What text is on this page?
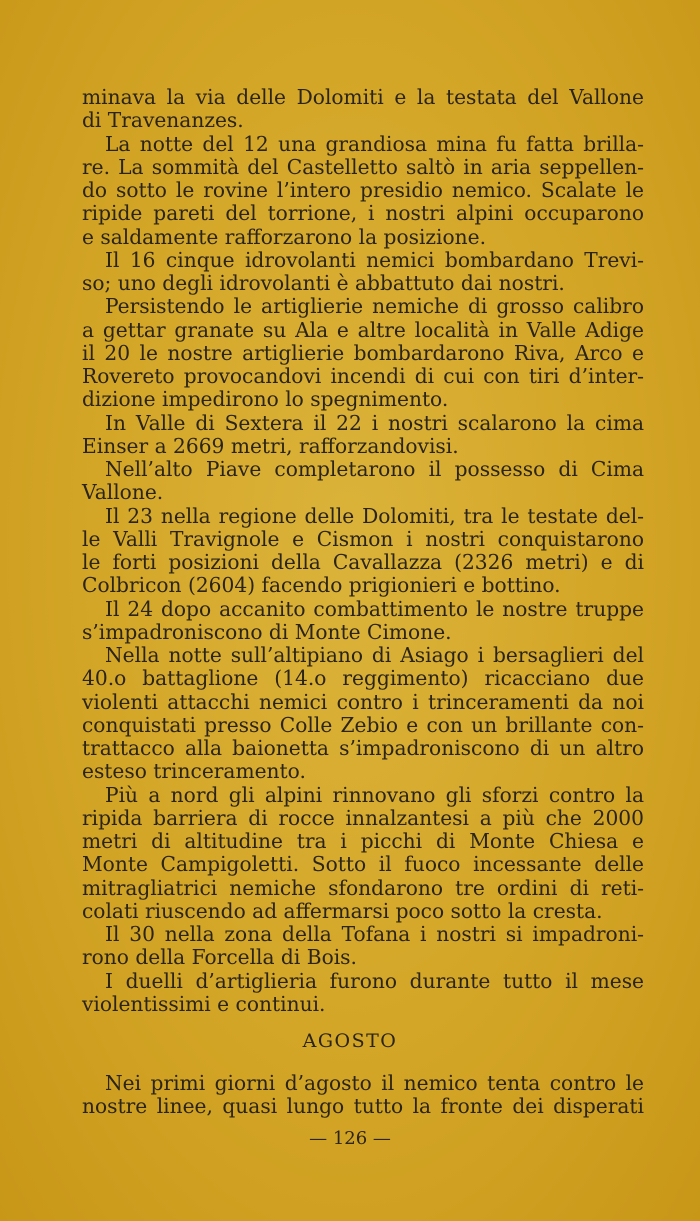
minava la via delle Dolomiti e la testata del Vallone
di Travenanzes.
La notte del 12 una grandiosa mina fu fatta brilla-
re. La sommità del Castelletto saltò in aria seppellen-
do sotto le rovine l’intero presidio nemico. Scalate le
ripide pareti del torrione, i nostri alpini occuparono
e saldamente rafforzarono la posizione.
Il 16 cinque idrovolanti nemici bombardano Trevi-
so; uno degli idrovolanti è abbattuto dai nostri.
Persistendo le artiglierie nemiche di grosso calibro
a gettar granate su Ala e altre località in Valle Adige
il 20 le nostre artiglierie bombardarono Riva, Arco e
Rovereto provocandovi incendi di cui con tiri d’inter-
dizione impedirono lo spegnimento.
In Valle di Sextera il 22 i nostri scalarono la cima
Einser a 2669 metri, rafforzandovisi.
Nell’alto Piave completarono il possesso di Cima
Vallone.
Il 23 nella regione delle Dolomiti, tra le testate del-
le Valli Travignole e Cismon i nostri conquistarono
le forti posizioni della Cavallazza (2326 metri) e di
Colbricon (2604) facendo prigionieri e bottino.
Il 24 dopo accanito combattimento le nostre truppe
s’impadroniscono di Monte Cimone.
Nella notte sull’altipiano di Asiago i bersaglieri del
40.o battaglione (14.o reggimento) ricacciano due
violenti attacchi nemici contro i trinceramenti da noi
conquistati presso Colle Zebio e con un brillante con-
trattacco alla baionetta s’impadroniscono di un altro
esteso trinceramento.
Più a nord gli alpini rinnovano gli sforzi contro la
ripida barriera di rocce innalzantesi a più che 2000
metri di altitudine tra i picchi di Monte Chiesa e
Monte Campigoletti. Sotto il fuoco incessante delle
mitragliatrici nemiche sfondarono tre ordini di reti-
colati riuscendo ad affermarsi poco sotto la cresta.
Il 30 nella zona della Tofana i nostri si impadroni-
rono della Forcella di Bois.
I duelli d’artiglieria furono durante tutto il mese
violentissimi e continui.
AGOSTO
Nei primi giorni d’agosto il nemico tenta contro le
nostre linee, quasi lungo tutto la fronte dei disperati
— 126 —
